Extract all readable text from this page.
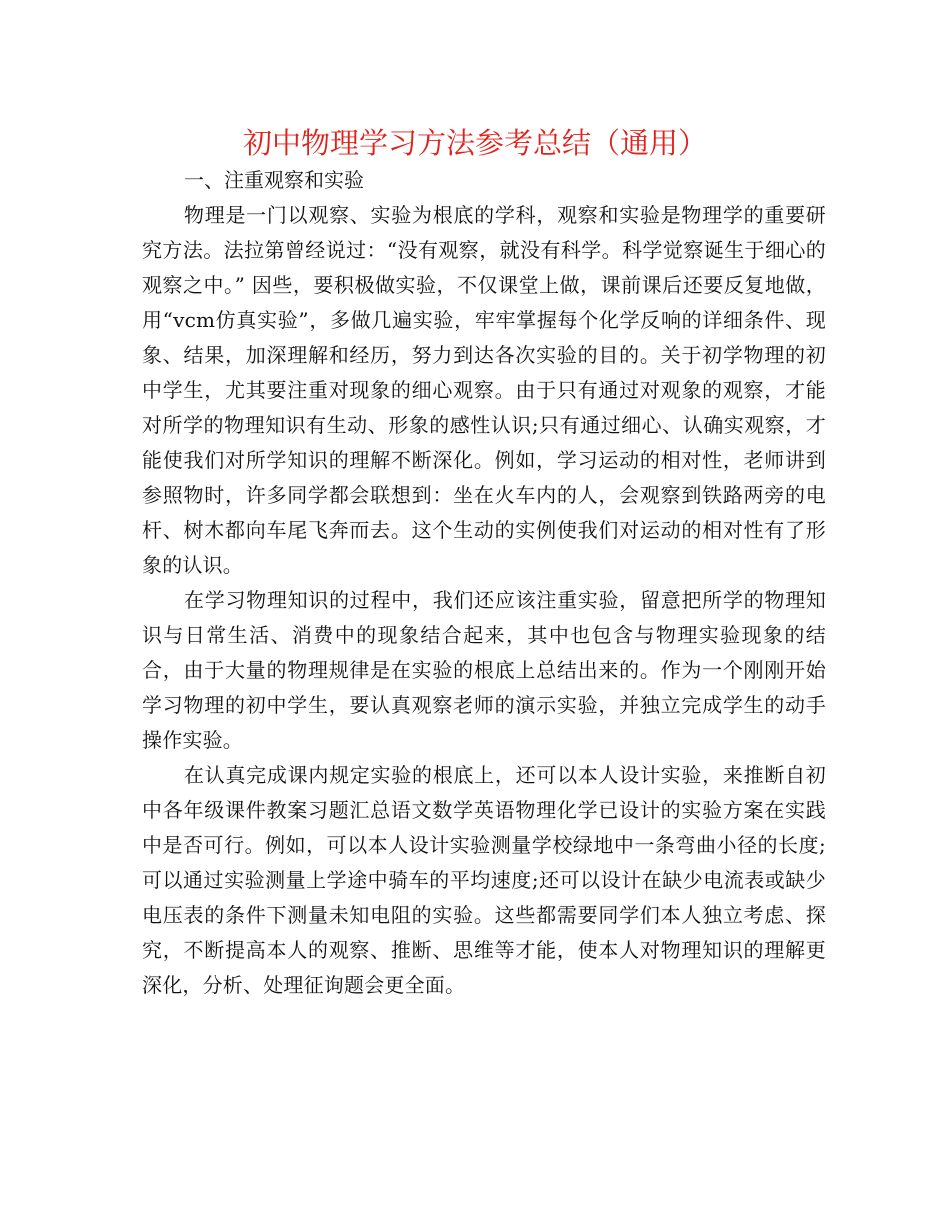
初中物理学习方法参考总结（通用）

一、注重观察和实验

物理是一门以观察、实验为根底的学科，观察和实验是物理学的重要研究方法。法拉第曾经说过：“没有观察，就没有科学。科学觉察诞生于细心的观察之中。” 因些，要积极做实验，不仅课堂上做，课前课后还要反复地做，用“vcm仿真实验”，多做几遍实验，牢牢掌握每个化学反响的详细条件、现象、结果，加深理解和经历，努力到达各次实验的目的。关于初学物理的初中学生，尤其要注重对现象的细心观察。由于只有通过对观象的观察，才能对所学的物理知识有生动、形象的感性认识;只有通过细心、认确实观察，才能使我们对所学知识的理解不断深化。例如，学习运动的相对性，老师讲到参照物时，许多同学都会联想到：坐在火车内的人，会观察到铁路两旁的电杆、树木都向车尾飞奔而去。这个生动的实例使我们对运动的相对性有了形象的认识。

在学习物理知识的过程中，我们还应该注重实验，留意把所学的物理知识与日常生活、消费中的现象结合起来，其中也包含与物理实验现象的结合，由于大量的物理规律是在实验的根底上总结出来的。作为一个刚刚开始学习物理的初中学生，要认真观察老师的演示实验，并独立完成学生的动手操作实验。

在认真完成课内规定实验的根底上，还可以本人设计实验，来推断自初中各年级课件教案习题汇总语文数学英语物理化学已设计的实验方案在实践中是否可行。例如，可以本人设计实验测量学校绿地中一条弯曲小径的长度;可以通过实验测量上学途中骑车的平均速度;还可以设计在缺少电流表或缺少电压表的条件下测量未知电阻的实验。这些都需要同学们本人独立考虑、探究，不断提高本人的观察、推断、思维等才能，使本人对物理知识的理解更深化，分析、处理征询题会更全面。
